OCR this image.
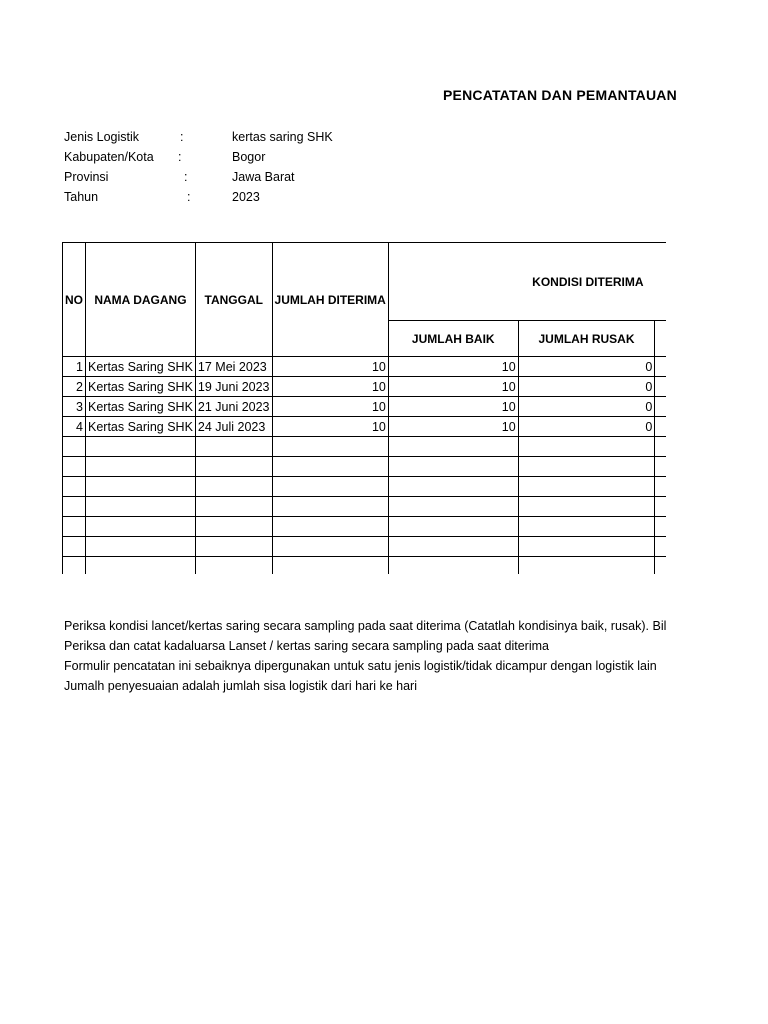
PENCATATAN DAN PEMANTAUAN
Jenis Logistik	:	kertas saring SHK
Kabupaten/Kota :	Bogor
Provinsi	:	Jawa Barat
Tahun	:	2023
NO	NAMA DAGANG	TANGGAL	JUMLAH DITERIMA	KONDISI DITERIMA		
				JUMLAH BAIK	JUMLAH RUSAK	
1	Kertas Saring SHK	17 Mei 2023	10	10	0	
2	Kertas Saring SHK	19 Juni 2023	10	10	0	
3	Kertas Saring SHK	21 Juni 2023	10	10	0	
4	Kertas Saring SHK	24 Juli 2023	10	10	0	

Periksa kondisi lancet/kertas saring secara sampling pada saat diterima (Catatlah kondisinya baik, rusak). Bil
Periksa dan catat kadaluarsa Lanset / kertas saring secara sampling pada saat diterima
Formulir pencatatan ini sebaiknya dipergunakan untuk satu jenis logistik/tidak dicampur dengan logistik lain
Jumalh penyesuaian adalah jumlah sisa logistik dari hari ke hari
